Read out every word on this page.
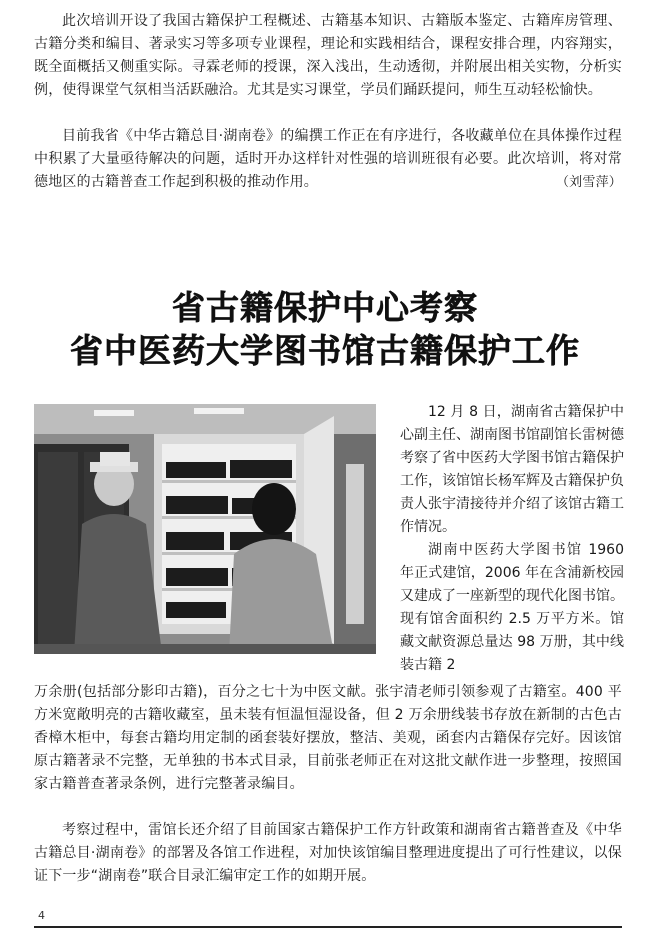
此次培训开设了我国古籍保护工程概述、古籍基本知识、古籍版本鉴定、古籍库房管理、古籍分类和编目、著录实习等多项专业课程，理论和实践相结合，课程安排合理，内容翔实，既全面概括又侧重实际。寻霖老师的授课，深入浅出，生动透彻，并附展出相关实物，分析实例，使得课堂气氛相当活跃融洽。尤其是实习课堂，学员们踊跃提问，师生互动轻松愉快。

目前我省《中华古籍总目·湖南卷》的编撰工作正在有序进行，各收藏单位在具体操作过程中积累了大量亟待解决的问题，适时开办这样针对性强的培训班很有必要。此次培训，将对常德地区的古籍普查工作起到积极的推动作用。	（刘雪萍）

省古籍保护中心考察
省中医药大学图书馆古籍保护工作

12 月 8 日，湖南省古籍保护中心副主任、湖南图书馆副馆长雷树德考察了省中医药大学图书馆古籍保护工作，该馆馆长杨军辉及古籍保护负责人张宇清接待并介绍了该馆古籍工作情况。

湖南中医药大学图书馆 1960 年正式建馆，2006 年在含浦新校园又建成了一座新型的现代化图书馆。现有馆舍面积约 2.5 万平方米。馆藏文献资源总量达 98 万册，其中线装古籍 2

万余册(包括部分影印古籍)，百分之七十为中医文献。张宇清老师引领参观了古籍室。400 平方米宽敞明亮的古籍收藏室，虽未装有恒温恒湿设备，但 2 万余册线装书存放在新制的古色古香樟木柜中，每套古籍均用定制的函套装好摆放，整洁、美观，函套内古籍保存完好。因该馆原古籍著录不完整，无单独的书本式目录，目前张老师正在对这批文献作进一步整理，按照国家古籍普查著录条例，进行完整著录编目。

考察过程中，雷馆长还介绍了目前国家古籍保护工作方针政策和湖南省古籍普查及《中华古籍总目·湖南卷》的部署及各馆工作进程，对加快该馆编目整理进度提出了可行性建议，以保证下一步“湖南卷”联合目录汇编审定工作的如期开展。

4
